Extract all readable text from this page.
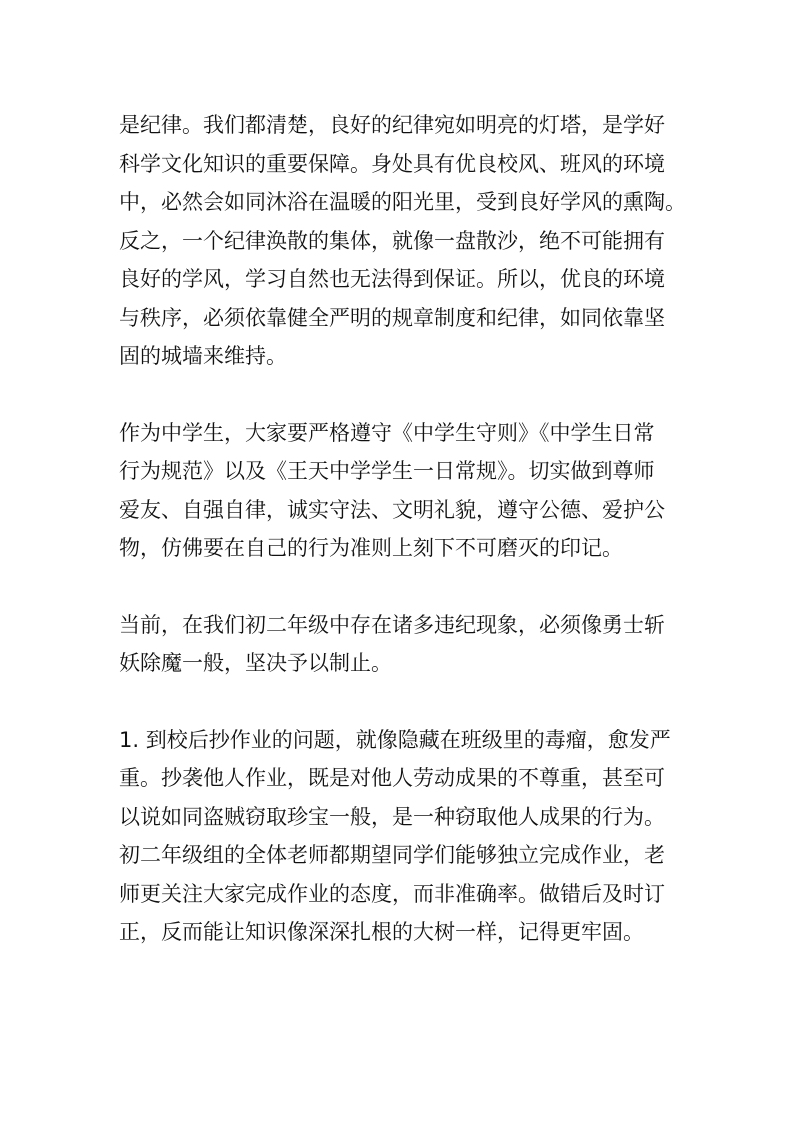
是纪律。我们都清楚，良好的纪律宛如明亮的灯塔，是学好
科学文化知识的重要保障。身处具有优良校风、班风的环境
中，必然会如同沐浴在温暖的阳光里，受到良好学风的熏陶。
反之，一个纪律涣散的集体，就像一盘散沙，绝不可能拥有
良好的学风，学习自然也无法得到保证。所以，优良的环境
与秩序，必须依靠健全严明的规章制度和纪律，如同依靠坚
固的城墙来维持。

作为中学生，大家要严格遵守《中学生守则》《中学生日常
行为规范》以及《王天中学学生一日常规》。切实做到尊师
爱友、自强自律，诚实守法、文明礼貌，遵守公德、爱护公
物，仿佛要在自己的行为准则上刻下不可磨灭的印记。

当前，在我们初二年级中存在诸多违纪现象，必须像勇士斩
妖除魔一般，坚决予以制止。

1. 到校后抄作业的问题，就像隐藏在班级里的毒瘤，愈发严
重。抄袭他人作业，既是对他人劳动成果的不尊重，甚至可
以说如同盗贼窃取珍宝一般，是一种窃取他人成果的行为。
初二年级组的全体老师都期望同学们能够独立完成作业，老
师更关注大家完成作业的态度，而非准确率。做错后及时订
正，反而能让知识像深深扎根的大树一样，记得更牢固。
